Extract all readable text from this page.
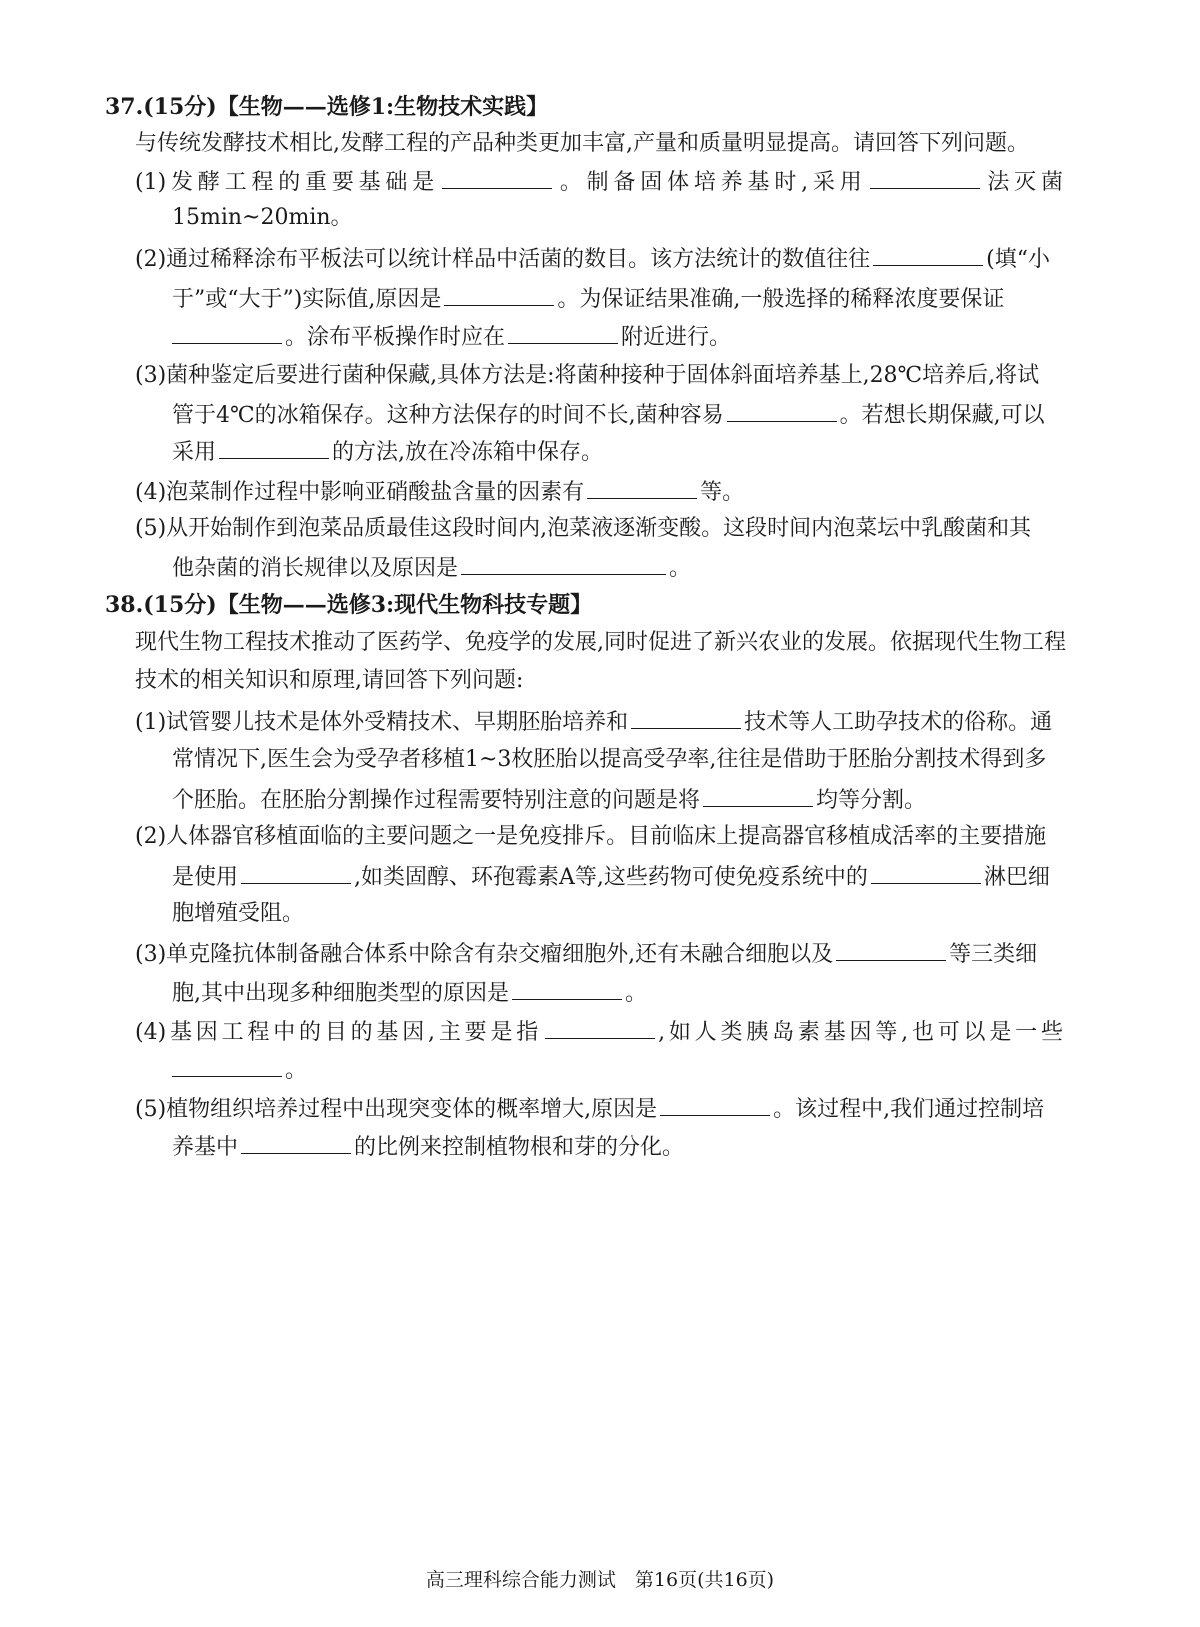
37.(15分)【生物——选修1:生物技术实践】
与传统发酵技术相比,发酵工程的产品种类更加丰富,产量和质量明显提高。请回答下列问题。
(1)发酵工程的重要基础是	。制备固体培养基时,采用	法灭菌
15min~20min。
(2)通过稀释涂布平板法可以统计样品中活菌的数目。该方法统计的数值往往	(填“小
于”或“大于”)实际值,原因是	。为保证结果准确,一般选择的稀释浓度要保证
。涂布平板操作时应在	附近进行。
(3)菌种鉴定后要进行菌种保藏,具体方法是:将菌种接种于固体斜面培养基上,28℃培养后,将试
管于4℃的冰箱保存。这种方法保存的时间不长,菌种容易	。若想长期保藏,可以
采用	的方法,放在冷冻箱中保存。
(4)泡菜制作过程中影响亚硝酸盐含量的因素有	等。
(5)从开始制作到泡菜品质最佳这段时间内,泡菜液逐渐变酸。这段时间内泡菜坛中乳酸菌和其
他杂菌的消长规律以及原因是	。
38.(15分)【生物——选修3:现代生物科技专题】
现代生物工程技术推动了医药学、免疫学的发展,同时促进了新兴农业的发展。依据现代生物工程
技术的相关知识和原理,请回答下列问题:
(1)试管婴儿技术是体外受精技术、早期胚胎培养和	技术等人工助孕技术的俗称。通
常情况下,医生会为受孕者移植1~3枚胚胎以提高受孕率,往往是借助于胚胎分割技术得到多
个胚胎。在胚胎分割操作过程需要特别注意的问题是将	均等分割。
(2)人体器官移植面临的主要问题之一是免疫排斥。目前临床上提高器官移植成活率的主要措施
是使用	,如类固醇、环孢霉素A等,这些药物可使免疫系统中的	淋巴细
胞增殖受阻。
(3)单克隆抗体制备融合体系中除含有杂交瘤细胞外,还有未融合细胞以及	等三类细
胞,其中出现多种细胞类型的原因是	。
(4)基因工程中的目的基因,主要是指	,如人类胰岛素基因等,也可以是一些
。
(5)植物组织培养过程中出现突变体的概率增大,原因是	。该过程中,我们通过控制培
养基中	的比例来控制植物根和芽的分化。
高三理科综合能力测试　第16页(共16页)
